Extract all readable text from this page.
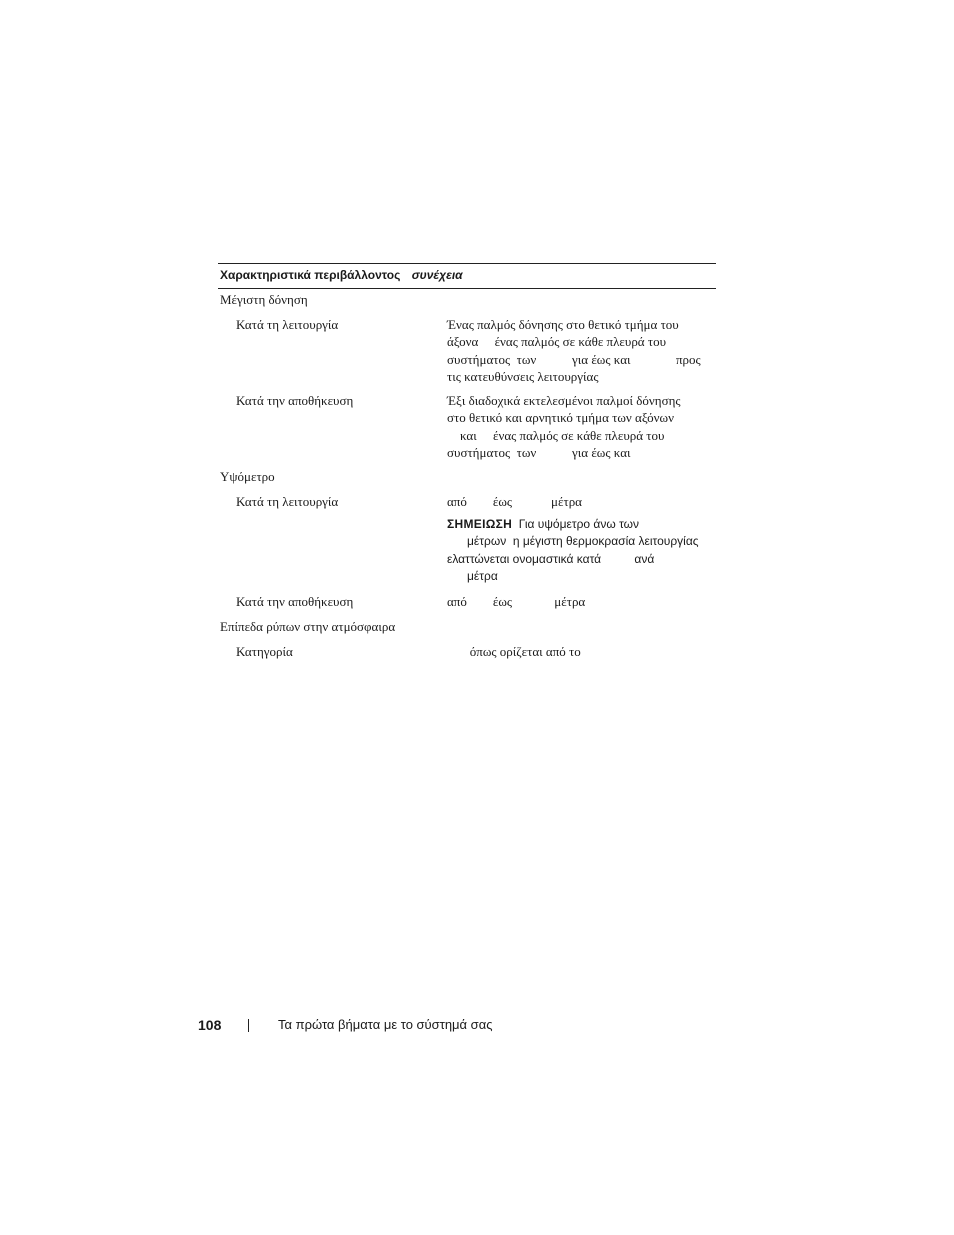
Χαρακτηριστικά περιβάλλοντος συνέχεια
Μέγιστη δόνηση
Κατά τη λειτουργία	Ένας παλμός δόνησης στο θετικό τμήμα του
άξονα     ένας παλμός σε κάθε πλευρά του
συστήματος  των           για έως και              προς
τις κατευθύνσεις λειτουργίας
Κατά την αποθήκευση	Έξι διαδοχικά εκτελεσμένοι παλμοί δόνησης
στο θετικό και αρνητικό τμήμα των αξόνων
και     ένας παλμός σε κάθε πλευρά του
συστήματος  των           για έως και
Υψόμετρο
Κατά τη λειτουργία	από        έως            μέτρα
ΣΗΜΕΙΩΣΗ Για υψόμετρο άνω των
μέτρων  η μέγιστη θερμοκρασία λειτουργίας
ελαττώνεται ονομαστικά κατά          ανά
μέτρα
Κατά την αποθήκευση	από        έως             μέτρα
Επίπεδα ρύπων στην ατμόσφαιρα
Κατηγορία	όπως ορίζεται από το
108	Τα πρώτα βήματα με το σύστημά σας
